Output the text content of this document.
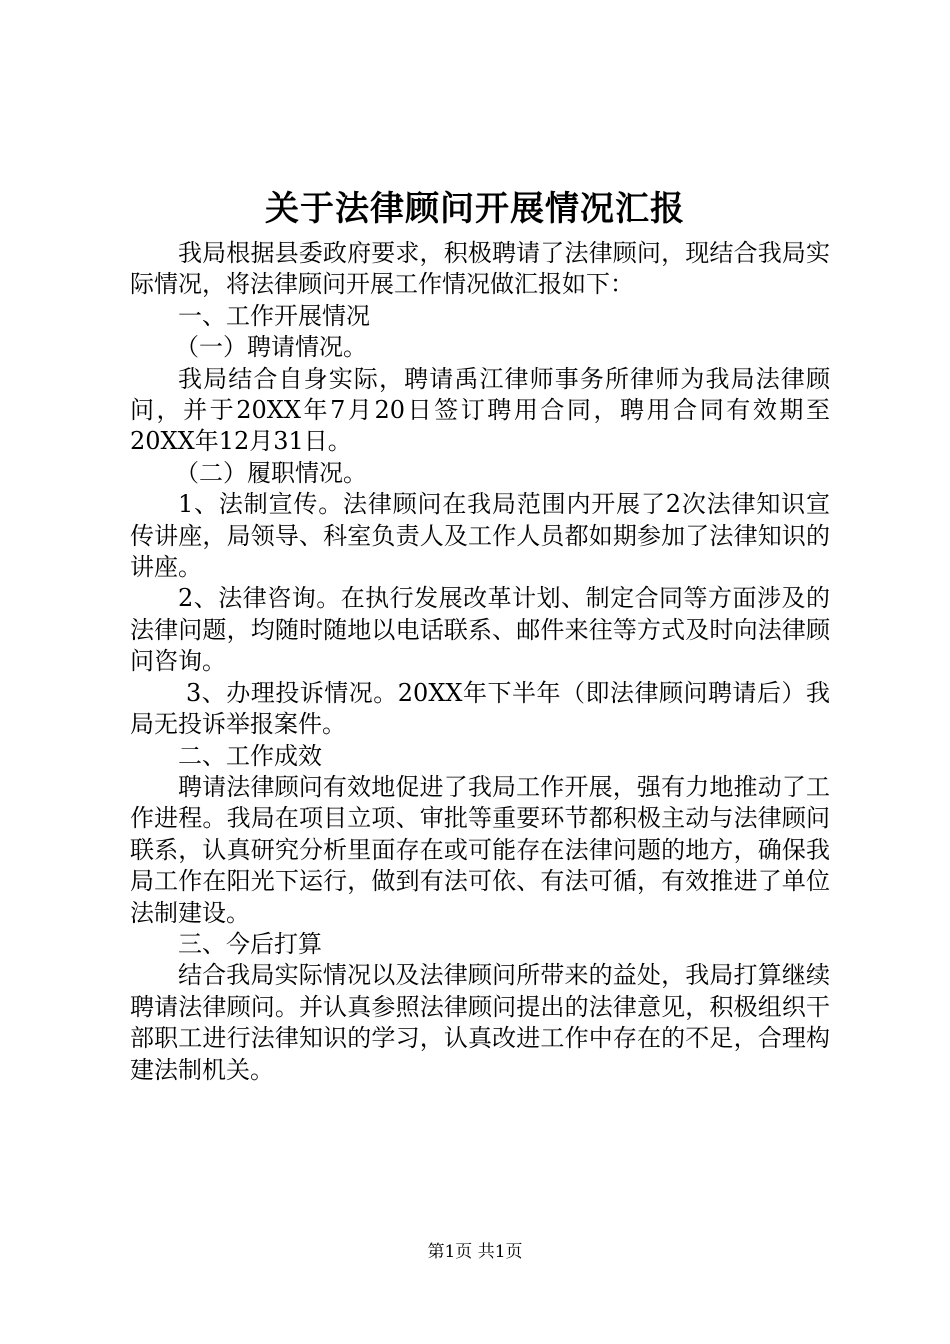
关于法律顾问开展情况汇报

我局根据县委政府要求，积极聘请了法律顾问，现结合我局实际情况，将法律顾问开展工作情况做汇报如下：

一、工作开展情况

（一）聘请情况。

我局结合自身实际，聘请禹江律师事务所律师为我局法律顾问，并于20XX年7月20日签订聘用合同，聘用合同有效期至20XX年12月31日。

（二）履职情况。

1、法制宣传。法律顾问在我局范围内开展了2次法律知识宣传讲座，局领导、科室负责人及工作人员都如期参加了法律知识的讲座。

2、法律咨询。在执行发展改革计划、制定合同等方面涉及的法律问题，均随时随地以电话联系、邮件来往等方式及时向法律顾问咨询。

3、办理投诉情况。20XX年下半年（即法律顾问聘请后）我局无投诉举报案件。

二、工作成效

聘请法律顾问有效地促进了我局工作开展，强有力地推动了工作进程。我局在项目立项、审批等重要环节都积极主动与法律顾问联系，认真研究分析里面存在或可能存在法律问题的地方，确保我局工作在阳光下运行，做到有法可依、有法可循，有效推进了单位法制建设。

三、今后打算

结合我局实际情况以及法律顾问所带来的益处，我局打算继续聘请法律顾问。并认真参照法律顾问提出的法律意见，积极组织干部职工进行法律知识的学习，认真改进工作中存在的不足，合理构建法制机关。

第1页 共1页
